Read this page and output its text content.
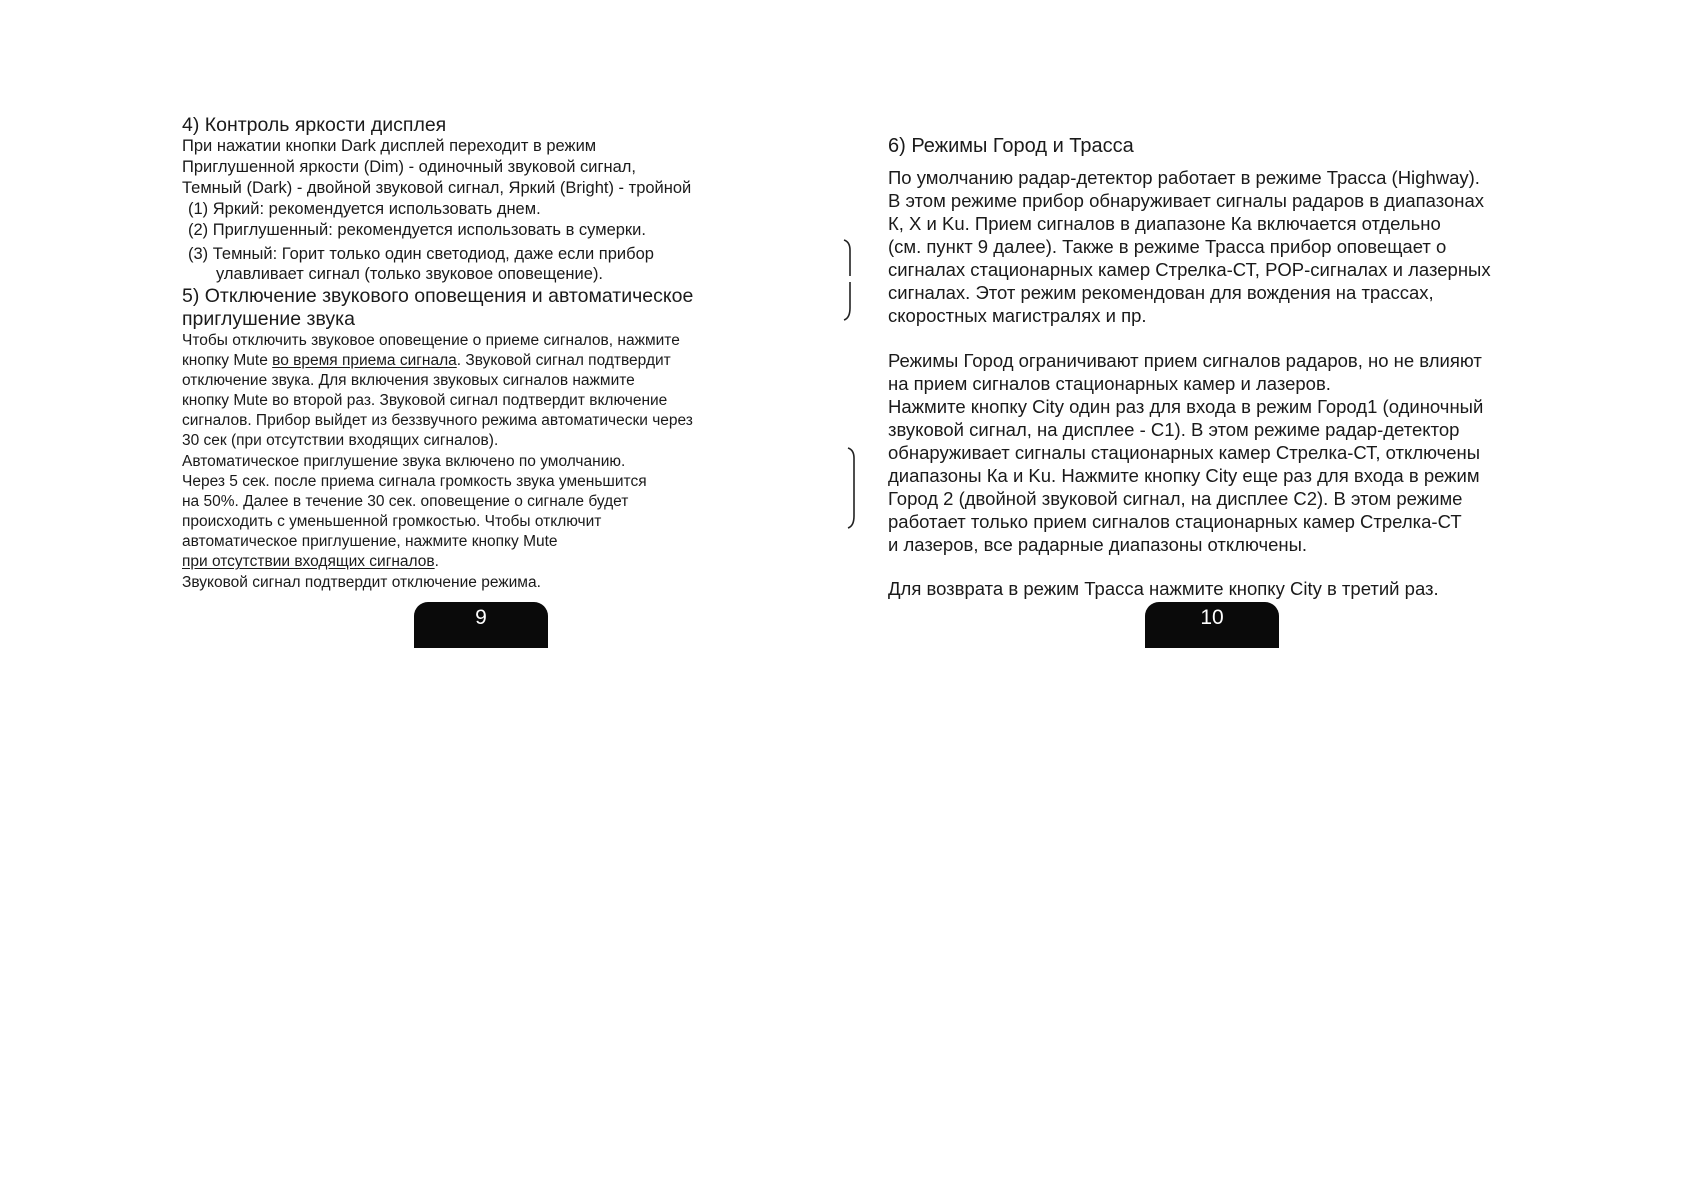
4) Контроль яркости дисплея
При нажатии кнопки Dark дисплей переходит в режим
Приглушенной яркости (Dim) - одиночный звуковой сигнал,
Темный (Dark) - двойной звуковой сигнал, Яркий (Bright) - тройной
(1) Яркий: рекомендуется использовать днем.
(2) Приглушенный: рекомендуется использовать в сумерки.
(3) Темный: Горит только один светодиод, даже если прибор
улавливает сигнал (только звуковое оповещение).
5) Отключение звукового оповещения и автоматическое
приглушение звука
Чтобы отключить звуковое оповещение о приеме сигналов, нажмите
кнопку Mute во время приема сигнала. Звуковой сигнал подтвердит
отключение звука. Для включения звуковых сигналов нажмите
кнопку Mute во второй раз. Звуковой сигнал подтвердит включение
сигналов. Прибор выйдет из беззвучного режима автоматически через
30 сек (при отсутствии входящих сигналов).
Автоматическое приглушение звука включено по умолчанию.
Через 5 сек. после приема сигнала громкость звука уменьшится
на 50%. Далее в течение 30 сек. оповещение о сигнале будет
происходить с уменьшенной громкостью. Чтобы отключит
автоматическое приглушение, нажмите кнопку Mute
при отсутствии входящих сигналов.
Звуковой сигнал подтвердит отключение режима.
9
6) Режимы Город и Трасса
По умолчанию радар-детектор работает в режиме Трасса (Highway).
В этом режиме прибор обнаруживает сигналы радаров в диапазонах
К, Х и Ku. Прием сигналов в диапазоне Ка включается отдельно
(см. пункт 9 далее). Также в режиме Трасса прибор оповещает о
сигналах стационарных камер Стрелка-СТ, POP-сигналах и лазерных
сигналах. Этот режим рекомендован для вождения на трассах,
скоростных магистралях и пр.
Режимы Город ограничивают прием сигналов радаров, но не влияют
на прием сигналов стационарных камер и лазеров.
Нажмите кнопку City один раз для входа в режим Город1 (одиночный
звуковой сигнал, на дисплее - С1). В этом режиме радар-детектор
обнаруживает сигналы стационарных камер Стрелка-СТ, отключены
диапазоны Ка и Ku. Нажмите кнопку City еще раз для входа в режим
Город 2 (двойной звуковой сигнал, на дисплее С2). В этом режиме
работает только прием сигналов стационарных камер Стрелка-СТ
и лазеров, все радарные диапазоны отключены.
Для возврата в режим Трасса нажмите кнопку City в третий раз.
10
